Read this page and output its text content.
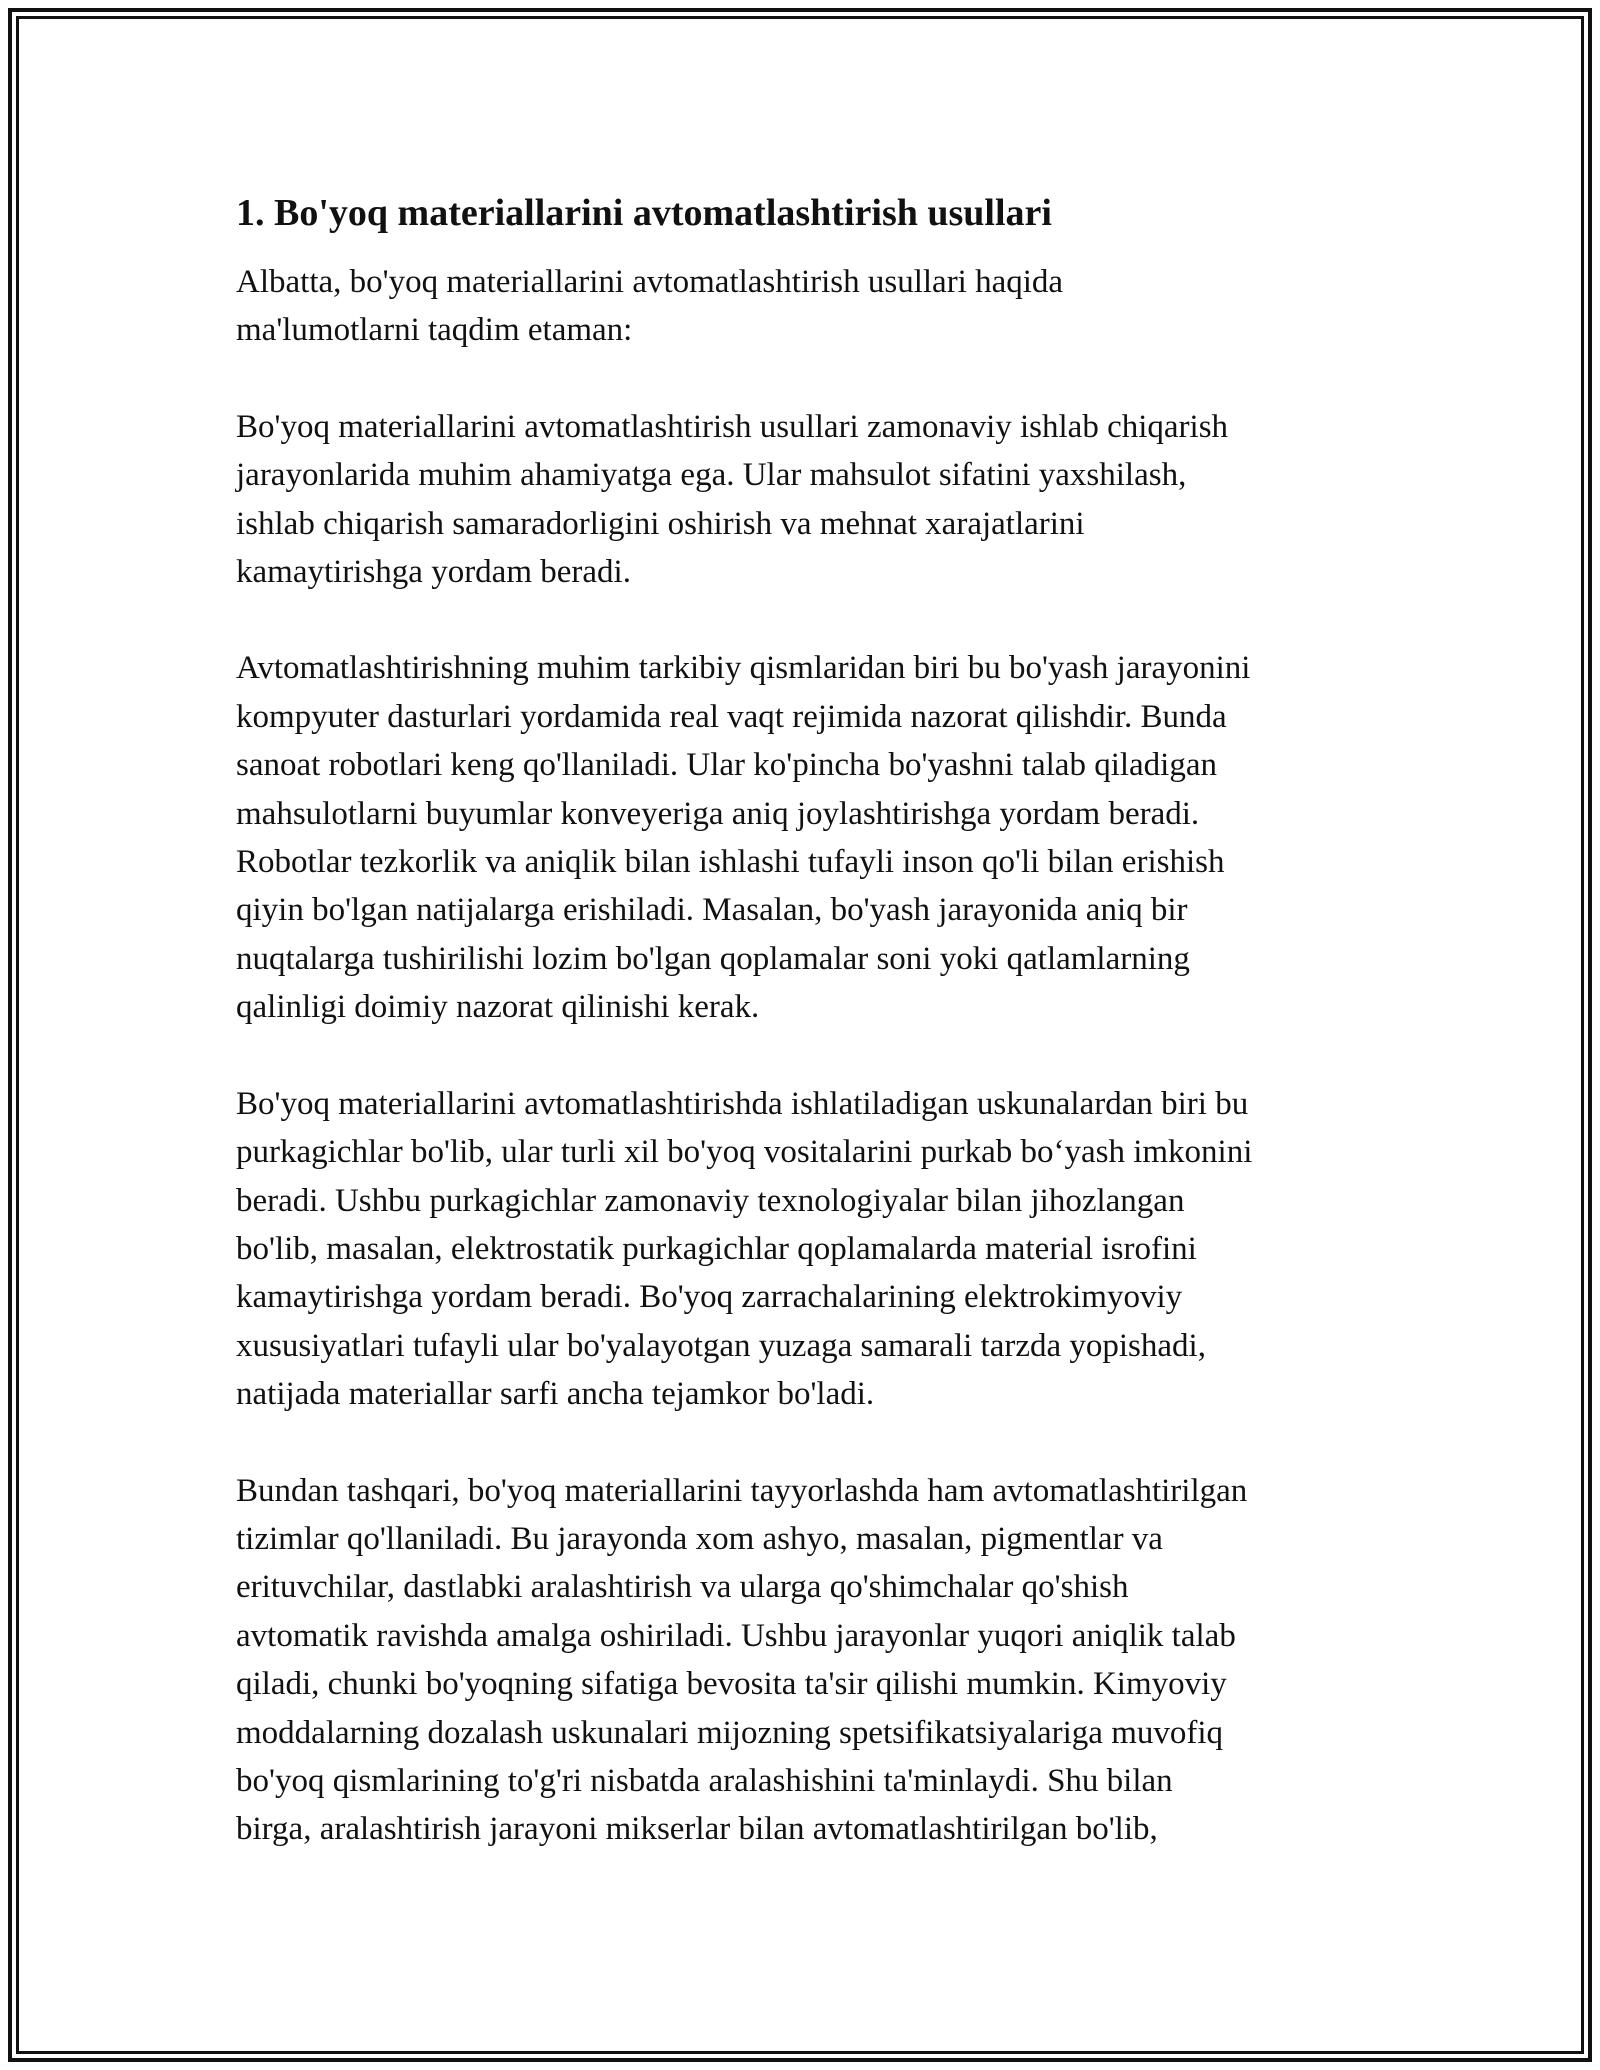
1. Bo'yoq materiallarini avtomatlashtirish usullari

Albatta, bo'yoq materiallarini avtomatlashtirish usullari haqida
ma'lumotlarni taqdim etaman:

Bo'yoq materiallarini avtomatlashtirish usullari zamonaviy ishlab chiqarish
jarayonlarida muhim ahamiyatga ega. Ular mahsulot sifatini yaxshilash,
ishlab chiqarish samaradorligini oshirish va mehnat xarajatlarini
kamaytirishga yordam beradi.

Avtomatlashtirishning muhim tarkibiy qismlaridan biri bu bo'yash jarayonini
kompyuter dasturlari yordamida real vaqt rejimida nazorat qilishdir. Bunda
sanoat robotlari keng qo'llaniladi. Ular ko'pincha bo'yashni talab qiladigan
mahsulotlarni buyumlar konveyeriga aniq joylashtirishga yordam beradi.
Robotlar tezkorlik va aniqlik bilan ishlashi tufayli inson qo'li bilan erishish
qiyin bo'lgan natijalarga erishiladi. Masalan, bo'yash jarayonida aniq bir
nuqtalarga tushirilishi lozim bo'lgan qoplamalar soni yoki qatlamlarning
qalinligi doimiy nazorat qilinishi kerak.

Bo'yoq materiallarini avtomatlashtirishda ishlatiladigan uskunalardan biri bu
purkagichlar bo'lib, ular turli xil bo'yoq vositalarini purkab bo‘yash imkonini
beradi. Ushbu purkagichlar zamonaviy texnologiyalar bilan jihozlangan
bo'lib, masalan, elektrostatik purkagichlar qoplamalarda material isrofini
kamaytirishga yordam beradi. Bo'yoq zarrachalarining elektrokimyoviy
xususiyatlari tufayli ular bo'yalayotgan yuzaga samarali tarzda yopishadi,
natijada materiallar sarfi ancha tejamkor bo'ladi.

Bundan tashqari, bo'yoq materiallarini tayyorlashda ham avtomatlashtirilgan
tizimlar qo'llaniladi. Bu jarayonda xom ashyo, masalan, pigmentlar va
erituvchilar, dastlabki aralashtirish va ularga qo'shimchalar qo'shish
avtomatik ravishda amalga oshiriladi. Ushbu jarayonlar yuqori aniqlik talab
qiladi, chunki bo'yoqning sifatiga bevosita ta'sir qilishi mumkin. Kimyoviy
moddalarning dozalash uskunalari mijozning spetsifikatsiyalariga muvofiq
bo'yoq qismlarining to'g'ri nisbatda aralashishini ta'minlaydi. Shu bilan
birga, aralashtirish jarayoni mikserlar bilan avtomatlashtirilgan bo'lib,
